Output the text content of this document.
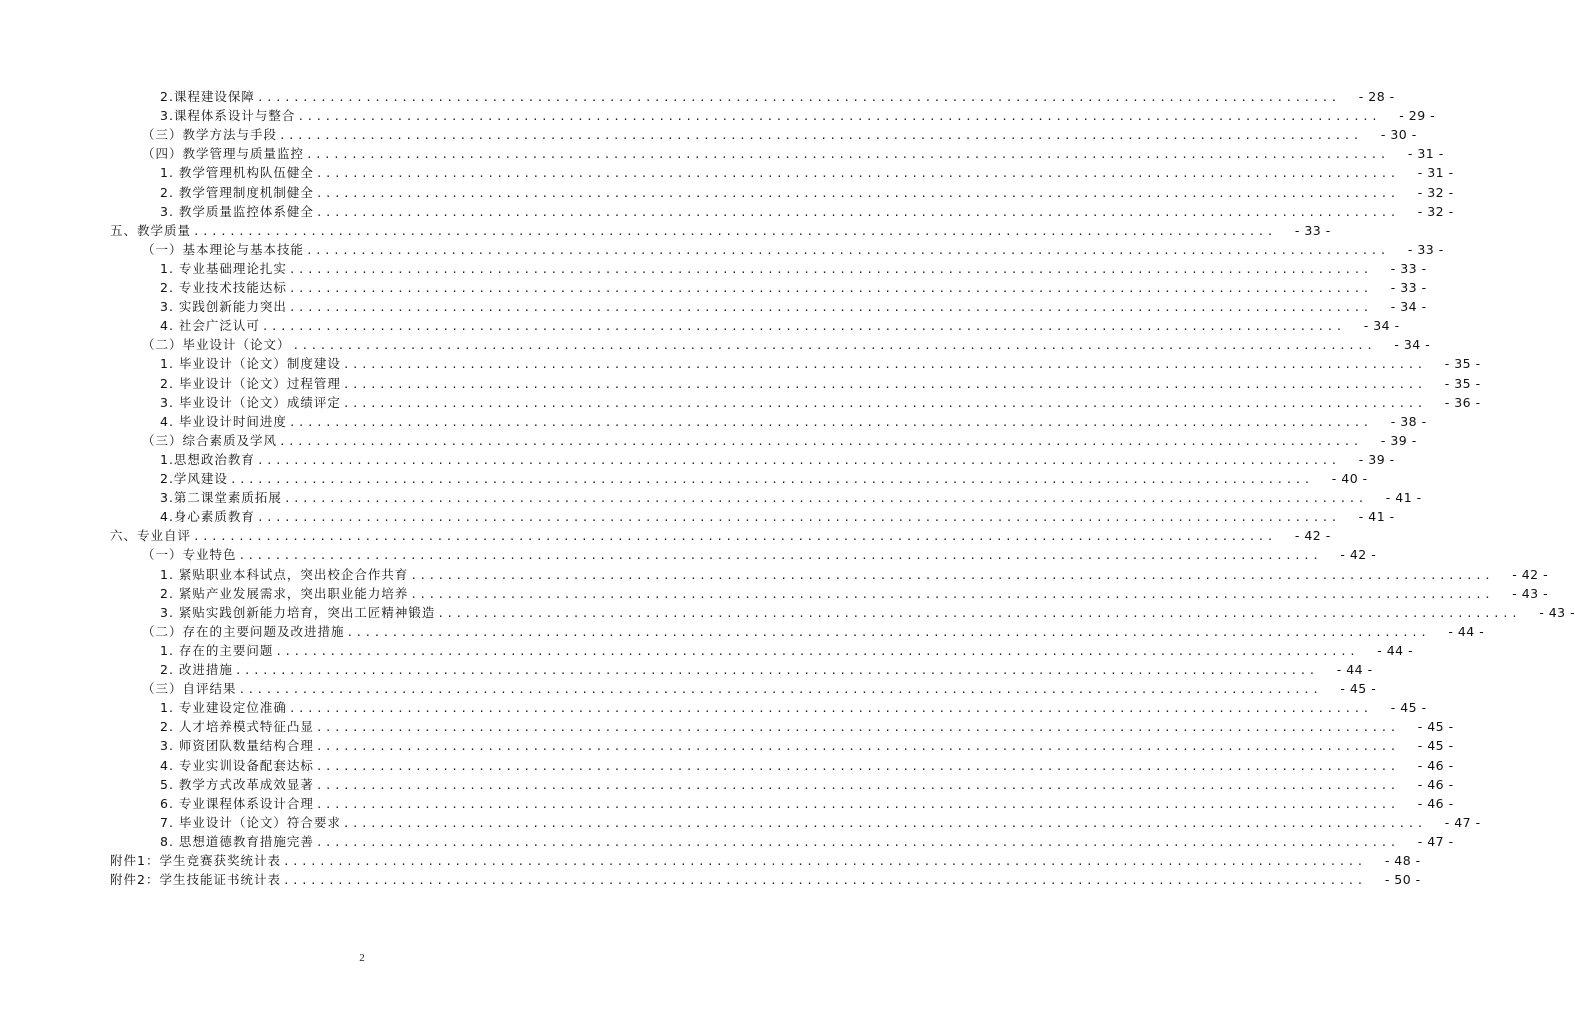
2.课程建设保障 ........................................................................................................................	- 28 -
3.课程体系设计与整合 ........................................................................................................................	- 29 -
（三）教学方法与手段 ........................................................................................................................	- 30 -
（四）教学管理与质量监控 ........................................................................................................................	- 31 -
1. 教学管理机构队伍健全 ........................................................................................................................	- 31 -
2. 教学管理制度机制健全 ........................................................................................................................	- 32 -
3. 教学质量监控体系健全 ........................................................................................................................	- 32 -
五、教学质量 ........................................................................................................................	- 33 -
（一）基本理论与基本技能 ........................................................................................................................	- 33 -
1. 专业基础理论扎实 ........................................................................................................................	- 33 -
2. 专业技术技能达标 ........................................................................................................................	- 33 -
3. 实践创新能力突出 ........................................................................................................................	- 34 -
4. 社会广泛认可 ........................................................................................................................	- 34 -
（二）毕业设计（论文） ........................................................................................................................	- 34 -
1. 毕业设计（论文）制度建设 ........................................................................................................................	- 35 -
2. 毕业设计（论文）过程管理 ........................................................................................................................	- 35 -
3. 毕业设计（论文）成绩评定 ........................................................................................................................	- 36 -
4. 毕业设计时间进度 ........................................................................................................................	- 38 -
（三）综合素质及学风 ........................................................................................................................	- 39 -
1.思想政治教育 ........................................................................................................................	- 39 -
2.学风建设 ........................................................................................................................	- 40 -
3.第二课堂素质拓展 ........................................................................................................................	- 41 -
4.身心素质教育 ........................................................................................................................	- 41 -
六、专业自评 ........................................................................................................................	- 42 -
（一）专业特色 ........................................................................................................................	- 42 -
1. 紧贴职业本科试点，突出校企合作共育 ........................................................................................................................	- 42 -
2. 紧贴产业发展需求，突出职业能力培养 ........................................................................................................................	- 43 -
3. 紧贴实践创新能力培育，突出工匠精神锻造 ........................................................................................................................	- 43 -
（二）存在的主要问题及改进措施 ........................................................................................................................	- 44 -
1. 存在的主要问题 ........................................................................................................................	- 44 -
2. 改进措施 ........................................................................................................................	- 44 -
（三）自评结果 ........................................................................................................................	- 45 -
1. 专业建设定位准确 ........................................................................................................................	- 45 -
2. 人才培养模式特征凸显 ........................................................................................................................	- 45 -
3. 师资团队数量结构合理 ........................................................................................................................	- 45 -
4. 专业实训设备配套达标 ........................................................................................................................	- 46 -
5. 教学方式改革成效显著 ........................................................................................................................	- 46 -
6. 专业课程体系设计合理 ........................................................................................................................	- 46 -
7. 毕业设计（论文）符合要求 ........................................................................................................................	- 47 -
8. 思想道德教育措施完善 ........................................................................................................................	- 47 -
附件1：学生竞赛获奖统计表 ........................................................................................................................	- 48 -
附件2：学生技能证书统计表 ........................................................................................................................	- 50 -
2
